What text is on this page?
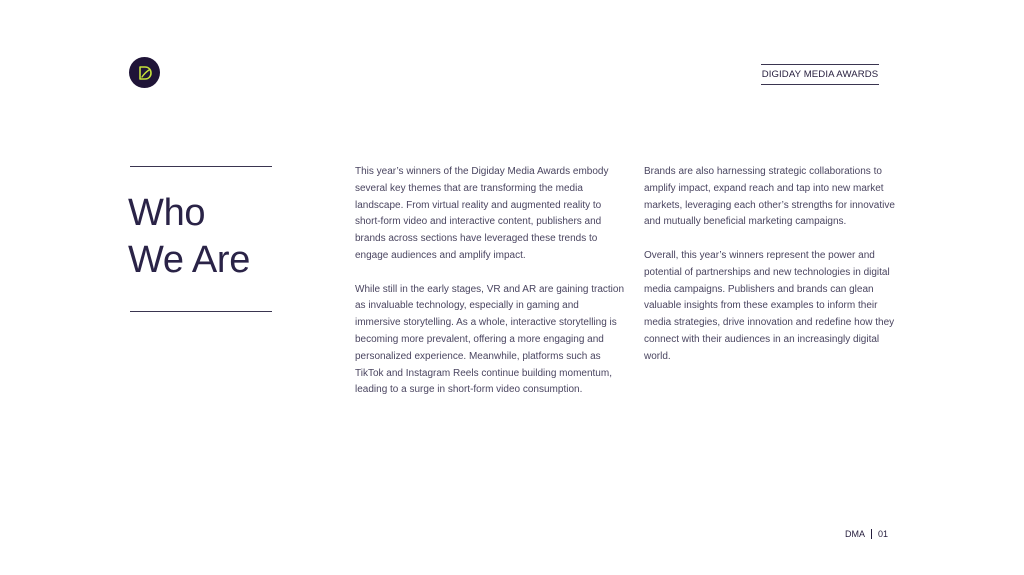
DIGIDAY MEDIA AWARDS
Who
We Are

This year’s winners of the Digiday Media Awards embody several key themes that are transforming the media landscape. From virtual reality and augmented reality to short-form video and interactive content, publishers and brands across sections have leveraged these trends to engage audiences and amplify impact.

While still in the early stages, VR and AR are gaining traction as invaluable technology, especially in gaming and immersive storytelling. As a whole, interactive storytelling is becoming more prevalent, offering a more engaging and personalized experience. Meanwhile, platforms such as TikTok and Instagram Reels continue building momentum, leading to a surge in short-form video consumption.

Brands are also harnessing strategic collaborations to amplify impact, expand reach and tap into new market markets, leveraging each other’s strengths for innovative and mutually beneficial marketing campaigns.

Overall, this year’s winners represent the power and potential of partnerships and new technologies in digital media campaigns. Publishers and brands can glean valuable insights from these examples to inform their media strategies, drive innovation and redefine how they connect with their audiences in an increasingly digital world.

DMA 01
